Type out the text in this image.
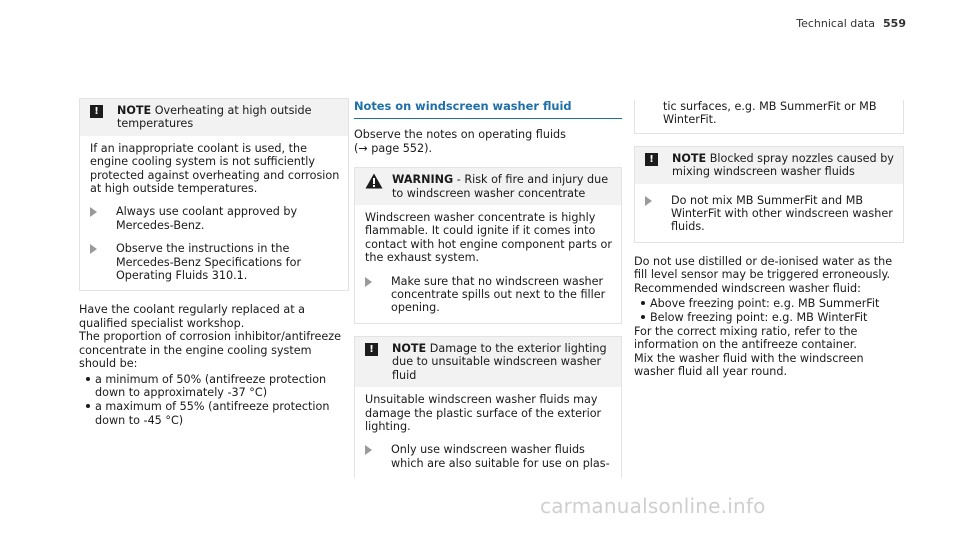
Technical data 559
!	NOTE Overheating at high outside temperatures

If an inappropriate coolant is used, the engine cooling system is not sufficiently protected against overheating and corrosion at high outside temperatures.

Always use coolant approved by Mercedes-Benz.
Observe the instructions in the Mercedes-Benz Specifications for Operating Fluids 310.1.

Have the coolant regularly replaced at a qualified specialist workshop.

The proportion of corrosion inhibitor/antifreeze concentrate in the engine cooling system should be:

a minimum of 50% (antifreeze protection down to approximately -37 °C)
a maximum of 55% (antifreeze protection down to -45 °C)
Notes on windscreen washer fluid

Observe the notes on operating fluids

(→ page 552).

WARNING - Risk of fire and injury due to windscreen washer concentrate

Windscreen washer concentrate is highly flammable. It could ignite if it comes into contact with hot engine component parts or the exhaust system.

Make sure that no windscreen washer concentrate spills out next to the filler opening.
!	NOTE Damage to the exterior lighting due to unsuitable windscreen washer fluid

Unsuitable windscreen washer fluids may damage the plastic surface of the exterior lighting.

Only use windscreen washer fluids which are also suitable for use on plas-
tic surfaces, e.g. MB SummerFit or MB WinterFit.
!	NOTE Blocked spray nozzles caused by mixing windscreen washer fluids
Do not mix MB SummerFit and MB WinterFit with other windscreen washer fluids.

Do not use distilled or de-ionised water as the fill level sensor may be triggered erroneously.

Recommended windscreen washer fluid:

Above freezing point: e.g. MB SummerFit
Below freezing point: e.g. MB WinterFit

For the correct mixing ratio, refer to the information on the antifreeze container.

Mix the washer fluid with the windscreen washer fluid all year round.

carmanualsonline.info
